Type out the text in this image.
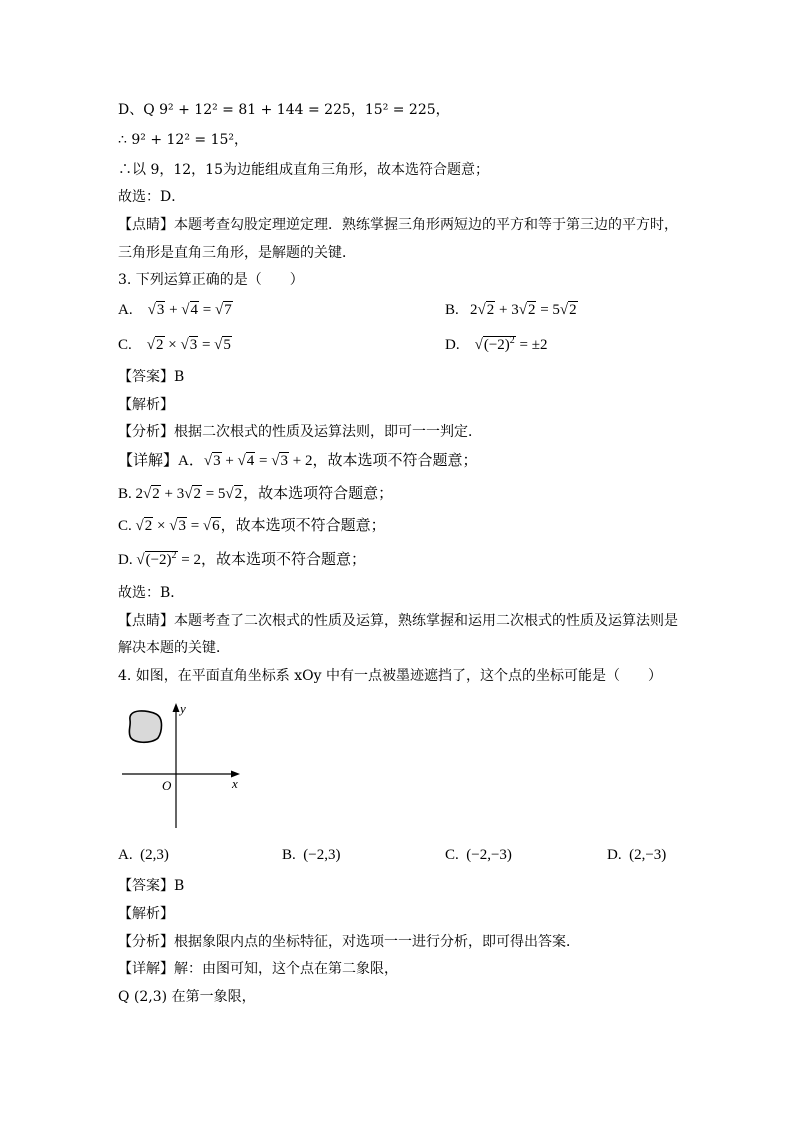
D、Q 9² + 12² = 81 + 144 = 225，15² = 225，
∴ 9² + 12² = 15²，
∴以 9，12，15为边能组成直角三角形，故本选符合题意；
故选：D．
【点睛】本题考查勾股定理逆定理．熟练掌握三角形两短边的平方和等于第三边的平方时，
三角形是直角三角形，是解题的关键．
3. 下列运算正确的是（　　）
A. √3 + √4 = √7	B.   2√2 + 3√2 = 5√2
C. √2 × √3 = √5	D. $√(-2)^2 = \pm 2$
【答案】B
【解析】
【分析】根据二次根式的性质及运算法则，即可一一判定．
【详解】A．√3 + √4 = √3 + 2，故本选项不符合题意；
B. 2√2 + 3√2 = 5√2，故本选项符合题意；
C. √2 × √3 = √6，故本选项不符合题意；
D. $√(-2)^2 = 2$，故本选项不符合题意；
故选：B．
【点睛】本题考查了二次根式的性质及运算，熟练掌握和运用二次根式的性质及运算法则是
解决本题的关键．
4. 如图，在平面直角坐标系 xOy 中有一点被墨迹遮挡了，这个点的坐标可能是（　　）
x
y
O
A. (2,3)	B. (−2,3)	C. (−2,−3)	D. (2,−3)
【答案】B
【解析】
【分析】根据象限内点的坐标特征，对选项一一进行分析，即可得出答案．
【详解】解：由图可知，这个点在第二象限，
Q (2,3) 在第一象限，
